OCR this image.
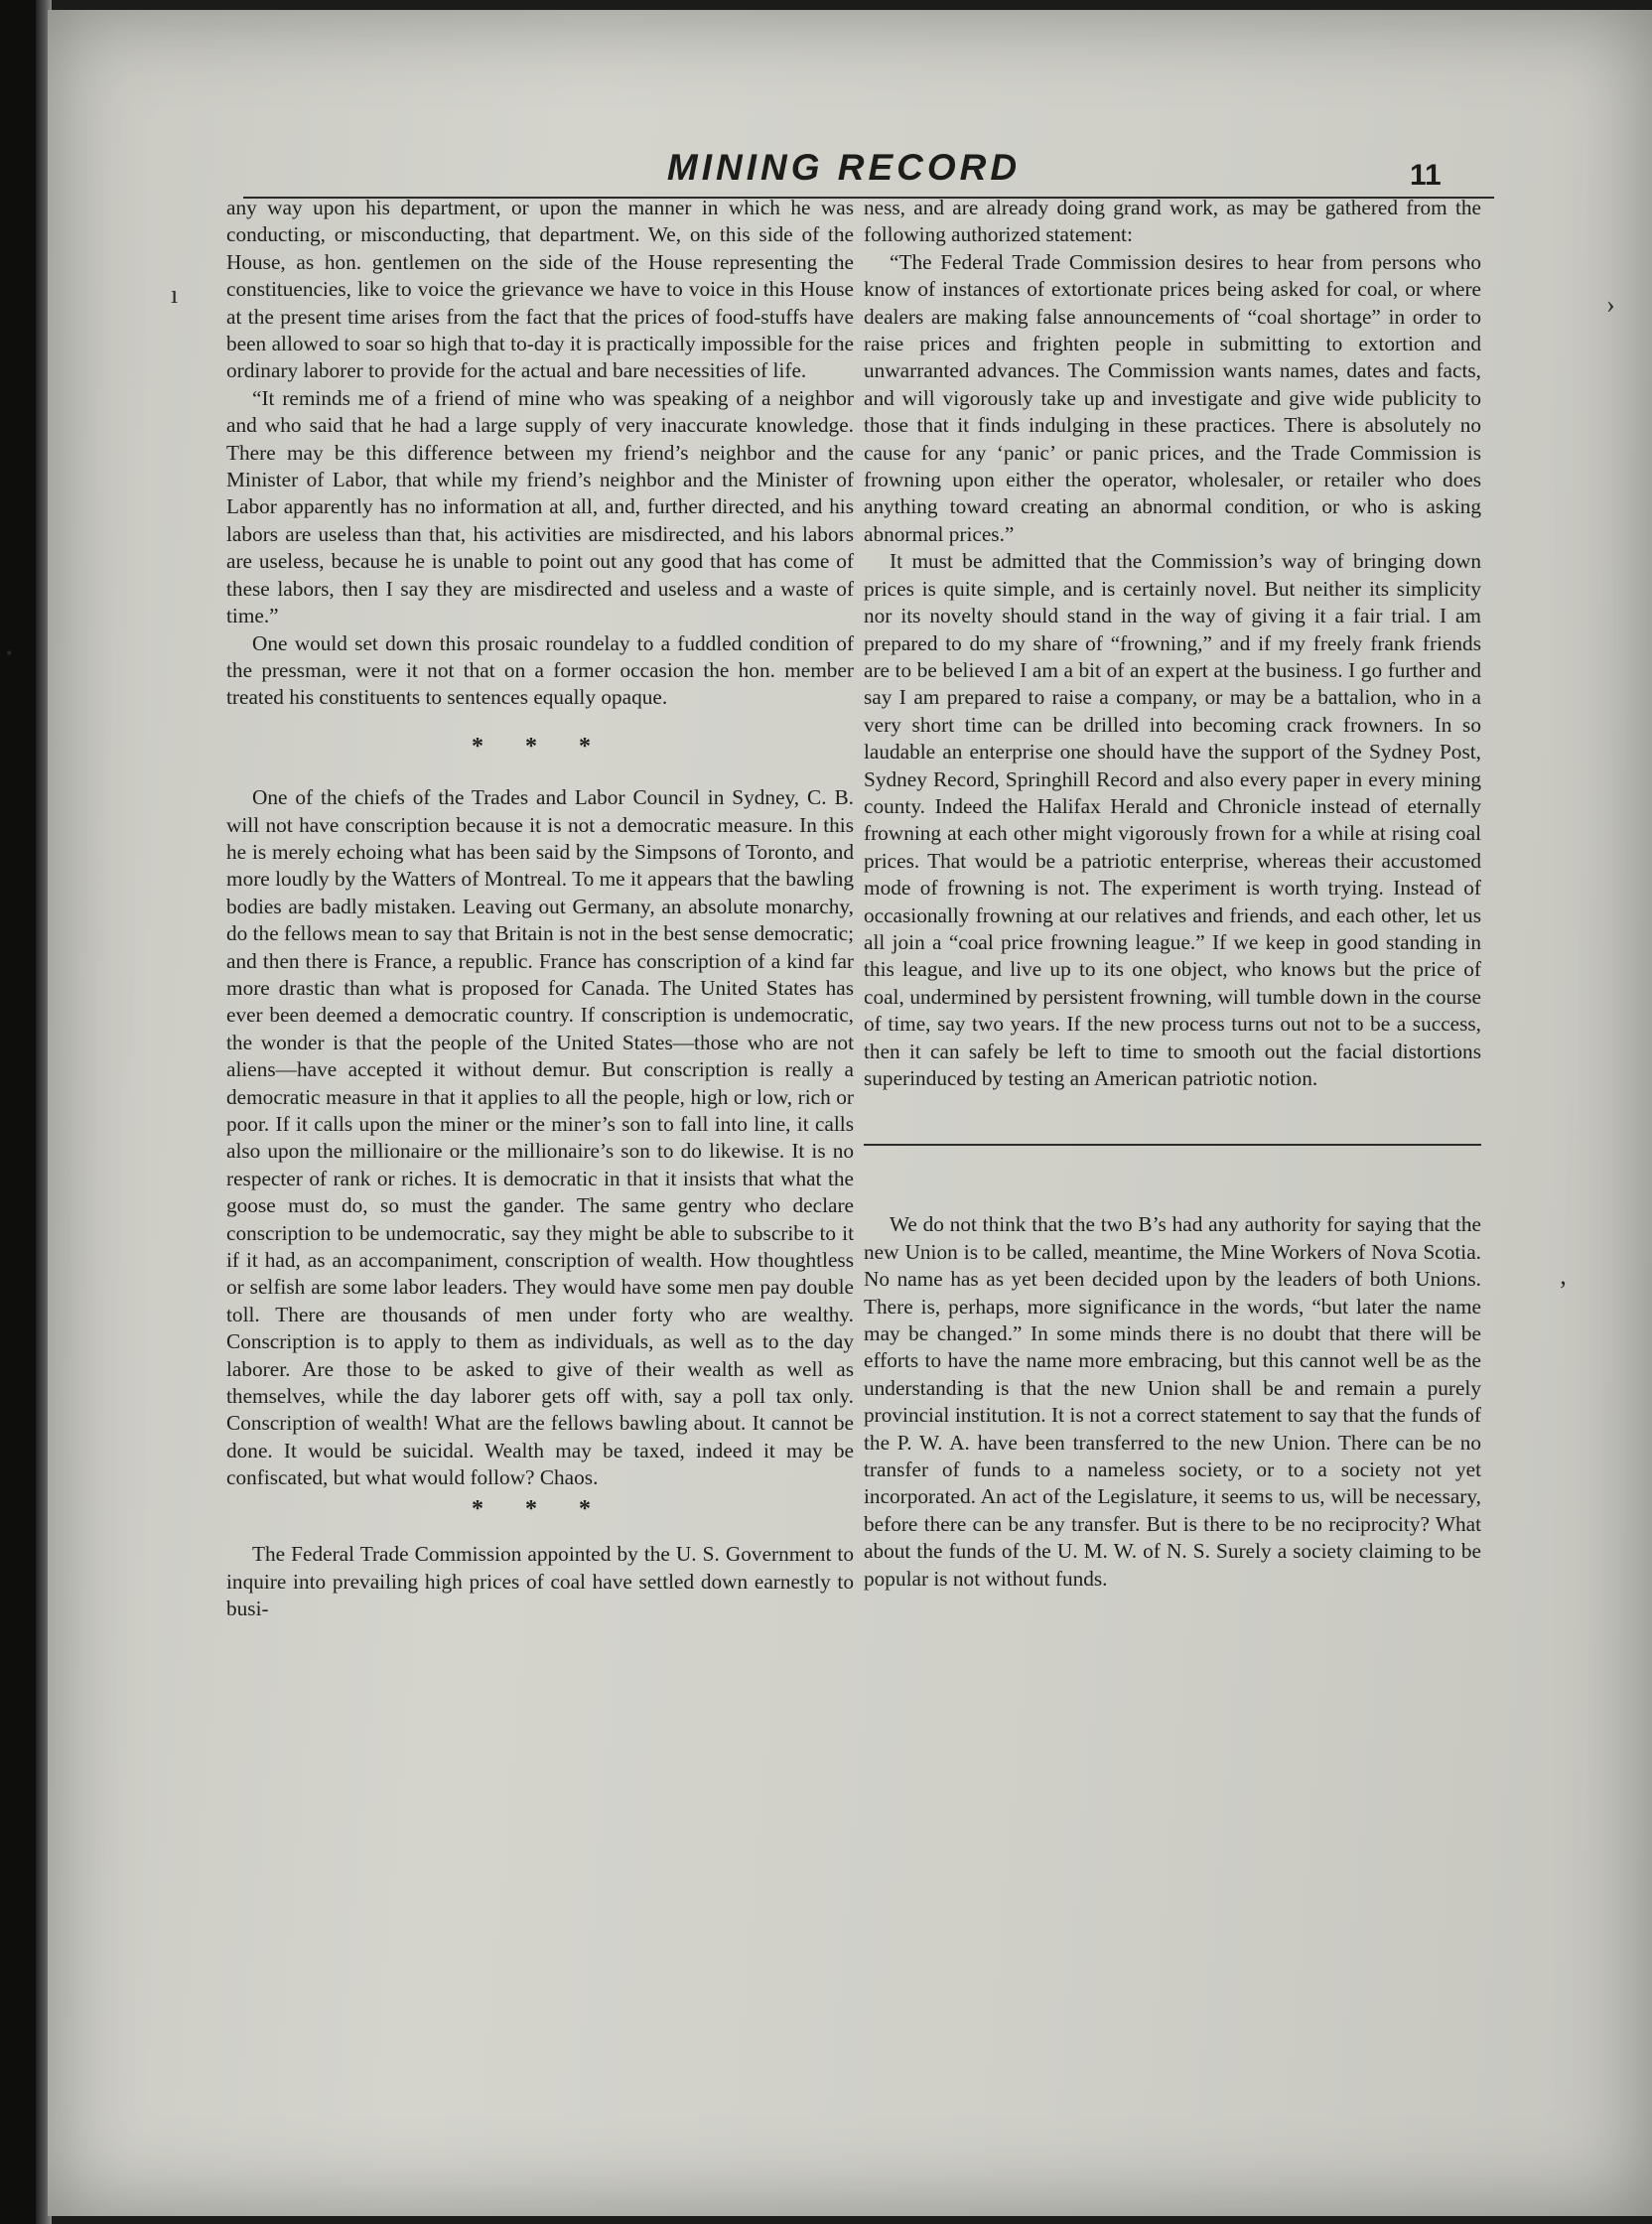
MINING RECORD	11
ı
•
›
‚

any way upon his department, or upon the manner in which he was conducting, or misconducting, that department. We, on this side of the House, as hon. gentlemen on the side of the House representing the constituencies, like to voice the grievance we have to voice in this House at the present time arises from the fact that the prices of food-stuffs have been allowed to soar so high that to-day it is practically impossible for the ordinary laborer to provide for the actual and bare necessities of life.

“It reminds me of a friend of mine who was speaking of a neighbor and who said that he had a large supply of very inaccurate knowledge. There may be this difference between my friend’s neighbor and the Minister of Labor, that while my friend’s neighbor and the Minister of Labor apparently has no information at all, and, further directed, and his labors are useless than that, his activities are misdirected, and his labors are useless, because he is unable to point out any good that has come of these labors, then I say they are misdirected and useless and a waste of time.”

One would set down this prosaic roundelay to a fuddled condition of the pressman, were it not that on a former occasion the hon. member treated his constituents to sentences equally opaque.

* * *

One of the chiefs of the Trades and Labor Council in Sydney, C. B. will not have conscription because it is not a democratic measure. In this he is merely echoing what has been said by the Simpsons of Toronto, and more loudly by the Watters of Montreal. To me it appears that the bawling bodies are badly mistaken. Leaving out Germany, an absolute monarchy, do the fellows mean to say that Britain is not in the best sense democratic; and then there is France, a republic. France has conscription of a kind far more drastic than what is proposed for Canada. The United States has ever been deemed a democratic country. If conscription is undemocratic, the wonder is that the people of the United States—those who are not aliens—have accepted it without demur. But conscription is really a democratic measure in that it applies to all the people, high or low, rich or poor. If it calls upon the miner or the miner’s son to fall into line, it calls also upon the millionaire or the millionaire’s son to do likewise. It is no respecter of rank or riches. It is democratic in that it insists that what the goose must do, so must the gander. The same gentry who declare conscription to be undemocratic, say they might be able to subscribe to it if it had, as an accompaniment, conscription of wealth. How thoughtless or selfish are some labor leaders. They would have some men pay double toll. There are thousands of men under forty who are wealthy. Conscription is to apply to them as individuals, as well as to the day laborer. Are those to be asked to give of their wealth as well as themselves, while the day laborer gets off with, say a poll tax only. Conscription of wealth! What are the fellows bawling about. It cannot be done. It would be suicidal. Wealth may be taxed, indeed it may be confiscated, but what would follow? Chaos.

* * *

The Federal Trade Commission appointed by the U. S. Government to inquire into prevailing high prices of coal have settled down earnestly to busi-

ness, and are already doing grand work, as may be gathered from the following authorized statement:

“The Federal Trade Commission desires to hear from persons who know of instances of extortionate prices being asked for coal, or where dealers are making false announcements of “coal shortage” in order to raise prices and frighten people in submitting to extortion and unwarranted advances. The Commission wants names, dates and facts, and will vigorously take up and investigate and give wide publicity to those that it finds indulging in these practices. There is absolutely no cause for any ‘panic’ or panic prices, and the Trade Commission is frowning upon either the operator, wholesaler, or retailer who does anything toward creating an abnormal condition, or who is asking abnormal prices.”

It must be admitted that the Commission’s way of bringing down prices is quite simple, and is certainly novel. But neither its simplicity nor its novelty should stand in the way of giving it a fair trial. I am prepared to do my share of “frowning,” and if my freely frank friends are to be believed I am a bit of an expert at the business. I go further and say I am prepared to raise a company, or may be a battalion, who in a very short time can be drilled into becoming crack frowners. In so laudable an enterprise one should have the support of the Sydney Post, Sydney Record, Springhill Record and also every paper in every mining county. Indeed the Halifax Herald and Chronicle instead of eternally frowning at each other might vigorously frown for a while at rising coal prices. That would be a patriotic enterprise, whereas their accustomed mode of frowning is not. The experiment is worth trying. Instead of occasionally frowning at our relatives and friends, and each other, let us all join a “coal price frowning league.” If we keep in good standing in this league, and live up to its one object, who knows but the price of coal, undermined by persistent frowning, will tumble down in the course of time, say two years. If the new process turns out not to be a success, then it can safely be left to time to smooth out the facial distortions superinduced by testing an American patriotic notion.

We do not think that the two B’s had any authority for saying that the new Union is to be called, meantime, the Mine Workers of Nova Scotia. No name has as yet been decided upon by the leaders of both Unions. There is, perhaps, more significance in the words, “but later the name may be changed.” In some minds there is no doubt that there will be efforts to have the name more embracing, but this cannot well be as the understanding is that the new Union shall be and remain a purely provincial institution. It is not a correct statement to say that the funds of the P. W. A. have been transferred to the new Union. There can be no transfer of funds to a nameless society, or to a society not yet incorporated. An act of the Legislature, it seems to us, will be necessary, before there can be any transfer. But is there to be no reciprocity? What about the funds of the U. M. W. of N. S. Surely a society claiming to be popular is not without funds.
